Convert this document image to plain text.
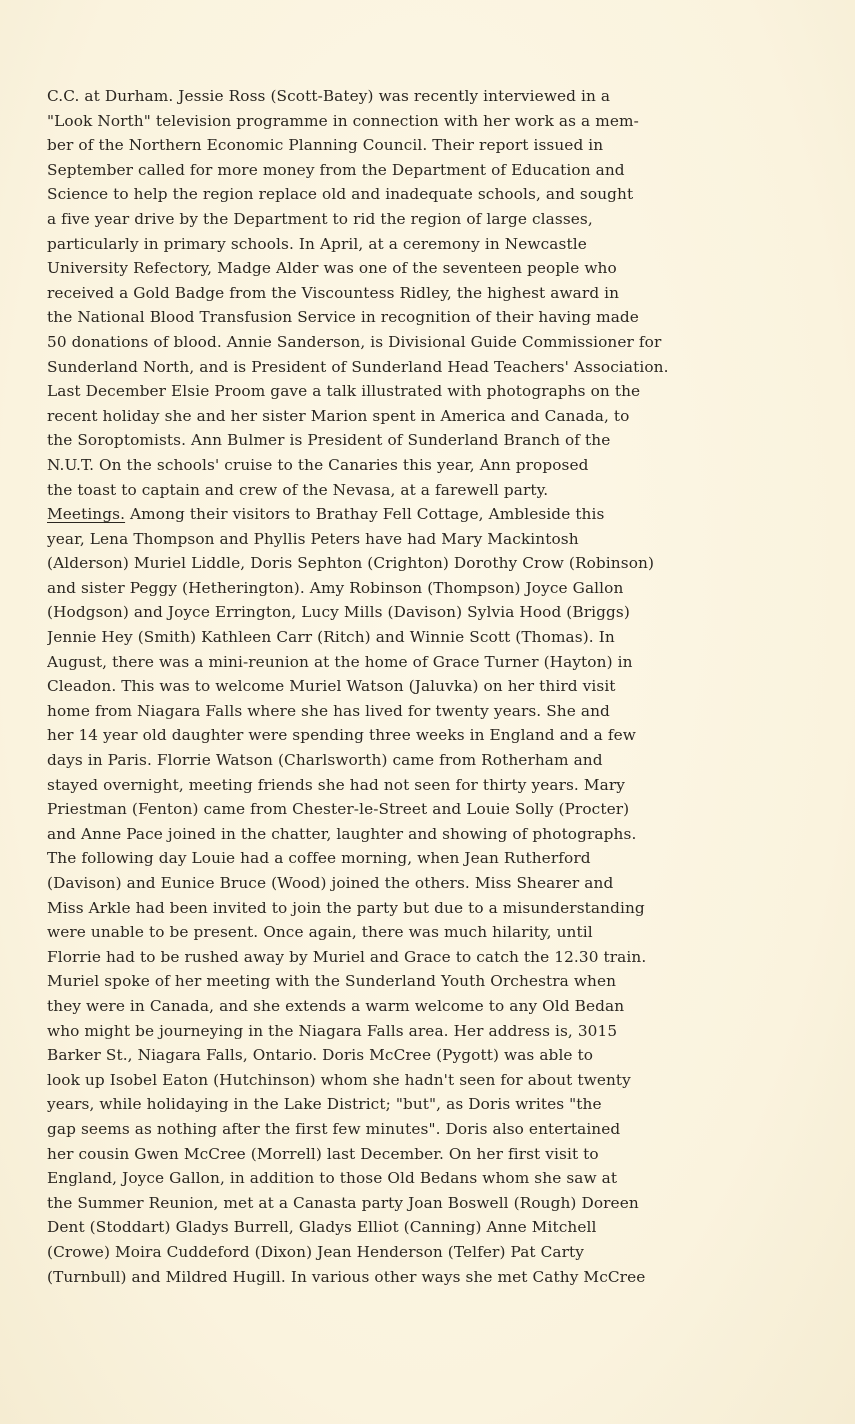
C.C. at Durham. Jessie Ross (Scott-Batey) was recently interviewed in a
"Look North" television programme in connection with her work as a mem-
ber of the Northern Economic Planning Council. Their report issued in
September called for more money from the Department of Education and
Science to help the region replace old and inadequate schools, and sought
a five year drive by the Department to rid the region of large classes,
particularly in primary schools. In April, at a ceremony in Newcastle
University Refectory, Madge Alder was one of the seventeen people who
received a Gold Badge from the Viscountess Ridley, the highest award in
the National Blood Transfusion Service in recognition of their having made
50 donations of blood. Annie Sanderson, is Divisional Guide Commissioner for
Sunderland North, and is President of Sunderland Head Teachers' Association.
Last December Elsie Proom gave a talk illustrated with photographs on the
recent holiday she and her sister Marion spent in America and Canada, to
the Soroptomists. Ann Bulmer is President of Sunderland Branch of the
N.U.T. On the schools' cruise to the Canaries this year, Ann proposed
the toast to captain and crew of the Nevasa, at a farewell party.
Meetings. Among their visitors to Brathay Fell Cottage, Ambleside this
year, Lena Thompson and Phyllis Peters have had Mary Mackintosh
(Alderson) Muriel Liddle, Doris Sephton (Crighton) Dorothy Crow (Robinson)
and sister Peggy (Hetherington). Amy Robinson (Thompson) Joyce Gallon
(Hodgson) and Joyce Errington, Lucy Mills (Davison) Sylvia Hood (Briggs)
Jennie Hey (Smith) Kathleen Carr (Ritch) and Winnie Scott (Thomas). In
August, there was a mini-reunion at the home of Grace Turner (Hayton) in
Cleadon. This was to welcome Muriel Watson (Jaluvka) on her third visit
home from Niagara Falls where she has lived for twenty years. She and
her 14 year old daughter were spending three weeks in England and a few
days in Paris. Florrie Watson (Charlsworth) came from Rotherham and
stayed overnight, meeting friends she had not seen for thirty years. Mary
Priestman (Fenton) came from Chester-le-Street and Louie Solly (Procter)
and Anne Pace joined in the chatter, laughter and showing of photographs.
The following day Louie had a coffee morning, when Jean Rutherford
(Davison) and Eunice Bruce (Wood) joined the others. Miss Shearer and
Miss Arkle had been invited to join the party but due to a misunderstanding
were unable to be present. Once again, there was much hilarity, until
Florrie had to be rushed away by Muriel and Grace to catch the 12.30 train.
Muriel spoke of her meeting with the Sunderland Youth Orchestra when
they were in Canada, and she extends a warm welcome to any Old Bedan
who might be journeying in the Niagara Falls area. Her address is, 3015
Barker St., Niagara Falls, Ontario. Doris McCree (Pygott) was able to
look up Isobel Eaton (Hutchinson) whom she hadn't seen for about twenty
years, while holidaying in the Lake District; "but", as Doris writes "the
gap seems as nothing after the first few minutes". Doris also entertained
her cousin Gwen McCree (Morrell) last December. On her first visit to
England, Joyce Gallon, in addition to those Old Bedans whom she saw at
the Summer Reunion, met at a Canasta party Joan Boswell (Rough) Doreen
Dent (Stoddart) Gladys Burrell, Gladys Elliot (Canning) Anne Mitchell
(Crowe) Moira Cuddeford (Dixon) Jean Henderson (Telfer) Pat Carty
(Turnbull) and Mildred Hugill. In various other ways she met Cathy McCree
